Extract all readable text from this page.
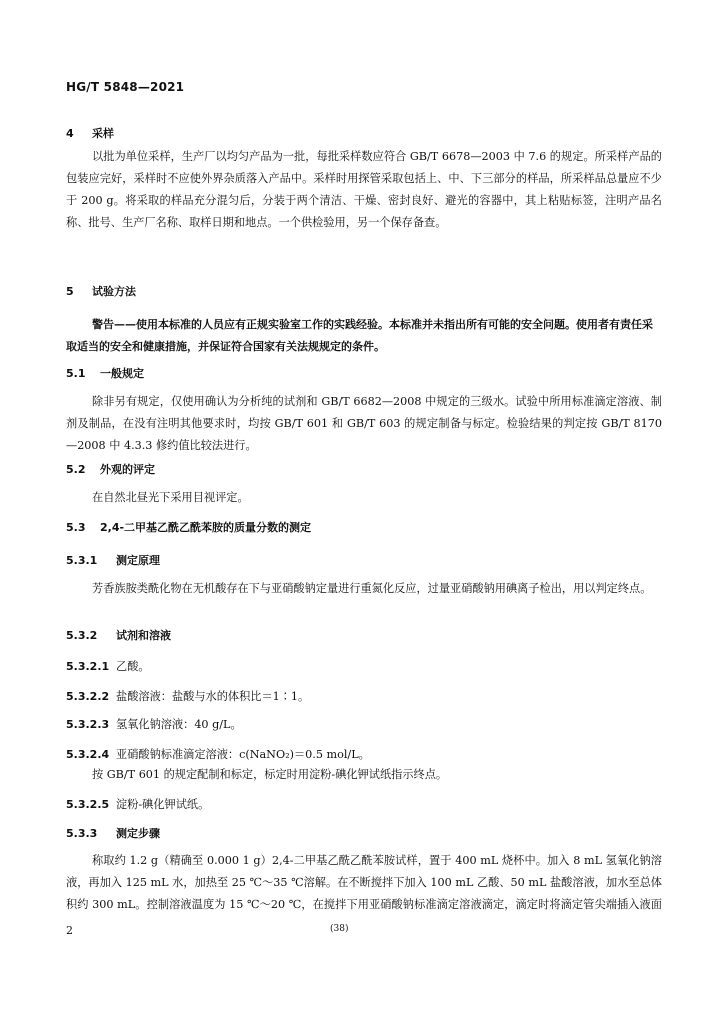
HG/T 5848—2021
4 采样
以批为单位采样，生产厂以均匀产品为一批，每批采样数应符合 GB/T 6678—2003 中 7.6 的规定。所采样产品的包装应完好，采样时不应使外界杂质落入产品中。采样时用探管采取包括上、中、下三部分的样品，所采样品总量应不少于 200 g。将采取的样品充分混匀后，分装于两个清洁、干燥、密封良好、避光的容器中，其上粘贴标签，注明产品名称、批号、生产厂名称、取样日期和地点。一个供检验用，另一个保存备查。
5 试验方法
警告——使用本标准的人员应有正规实验室工作的实践经验。本标准并未指出所有可能的安全问题。使用者有责任采取适当的安全和健康措施，并保证符合国家有关法规规定的条件。
5.1 一般规定
除非另有规定，仅使用确认为分析纯的试剂和 GB/T 6682—2008 中规定的三级水。试验中所用标准滴定溶液、制剂及制品，在没有注明其他要求时，均按 GB/T 601 和 GB/T 603 的规定制备与标定。检验结果的判定按 GB/T 8170—2008 中 4.3.3 修约值比较法进行。
5.2 外观的评定
在自然北昼光下采用目视评定。
5.3 2,4-二甲基乙酰乙酰苯胺的质量分数的测定
5.3.1 测定原理
芳香族胺类酰化物在无机酸存在下与亚硝酸钠定量进行重氮化反应，过量亚硝酸钠用碘离子检出，用以判定终点。
5.3.2 试剂和溶液
5.3.2.1 乙酸。
5.3.2.2 盐酸溶液：盐酸与水的体积比＝1∶1。
5.3.2.3 氢氧化钠溶液：40 g/L。
5.3.2.4 亚硝酸钠标准滴定溶液：c(NaNO₂)＝0.5 mol/L。
按 GB/T 601 的规定配制和标定，标定时用淀粉-碘化钾试纸指示终点。
5.3.2.5 淀粉-碘化钾试纸。
5.3.3 测定步骤
称取约 1.2 g（精确至 0.000 1 g）2,4-二甲基乙酰乙酰苯胺试样，置于 400 mL 烧杯中。加入 8 mL 氢氧化钠溶液，再加入 125 mL 水，加热至 25 ℃～35 ℃溶解。在不断搅拌下加入 100 mL 乙酸、50 mL 盐酸溶液，加水至总体积约 300 mL。控制溶液温度为 15 ℃～20 ℃，在搅拌下用亚硝酸钠标准滴定溶液滴定，滴定时将滴定管尖端插入液面
2	(38)
